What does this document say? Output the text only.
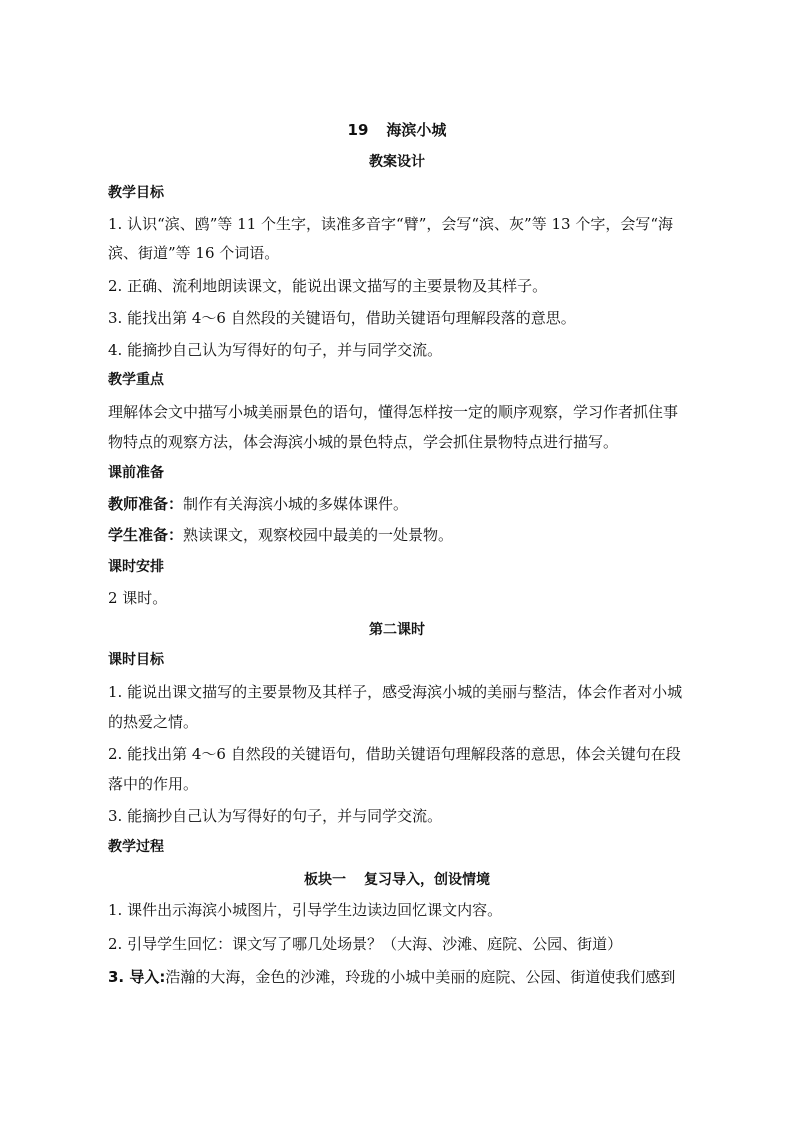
19 海滨小城
教案设计
教学目标
1. 认识“滨、鸥”等 11 个生字，读准多音字“臂”，会写“滨、灰”等 13 个字，会写“海
滨、街道”等 16 个词语。
2. 正确、流利地朗读课文，能说出课文描写的主要景物及其样子。
3. 能找出第 4～6 自然段的关键语句，借助关键语句理解段落的意思。
4. 能摘抄自己认为写得好的句子，并与同学交流。
教学重点
理解体会文中描写小城美丽景色的语句，懂得怎样按一定的顺序观察，学习作者抓住事
物特点的观察方法，体会海滨小城的景色特点，学会抓住景物特点进行描写。
课前准备
教师准备：制作有关海滨小城的多媒体课件。
学生准备：熟读课文，观察校园中最美的一处景物。
课时安排
2 课时。
第二课时
课时目标
1. 能说出课文描写的主要景物及其样子，感受海滨小城的美丽与整洁，体会作者对小城
的热爱之情。
2. 能找出第 4～6 自然段的关键语句，借助关键语句理解段落的意思，体会关键句在段
落中的作用。
3. 能摘抄自己认为写得好的句子，并与同学交流。
教学过程
板块一 复习导入，创设情境
1. 课件出示海滨小城图片，引导学生边读边回忆课文内容。
2. 引导学生回忆：课文写了哪几处场景？（大海、沙滩、庭院、公园、街道）
3. 导入:浩瀚的大海，金色的沙滩，玲珑的小城中美丽的庭院、公园、街道使我们感到
